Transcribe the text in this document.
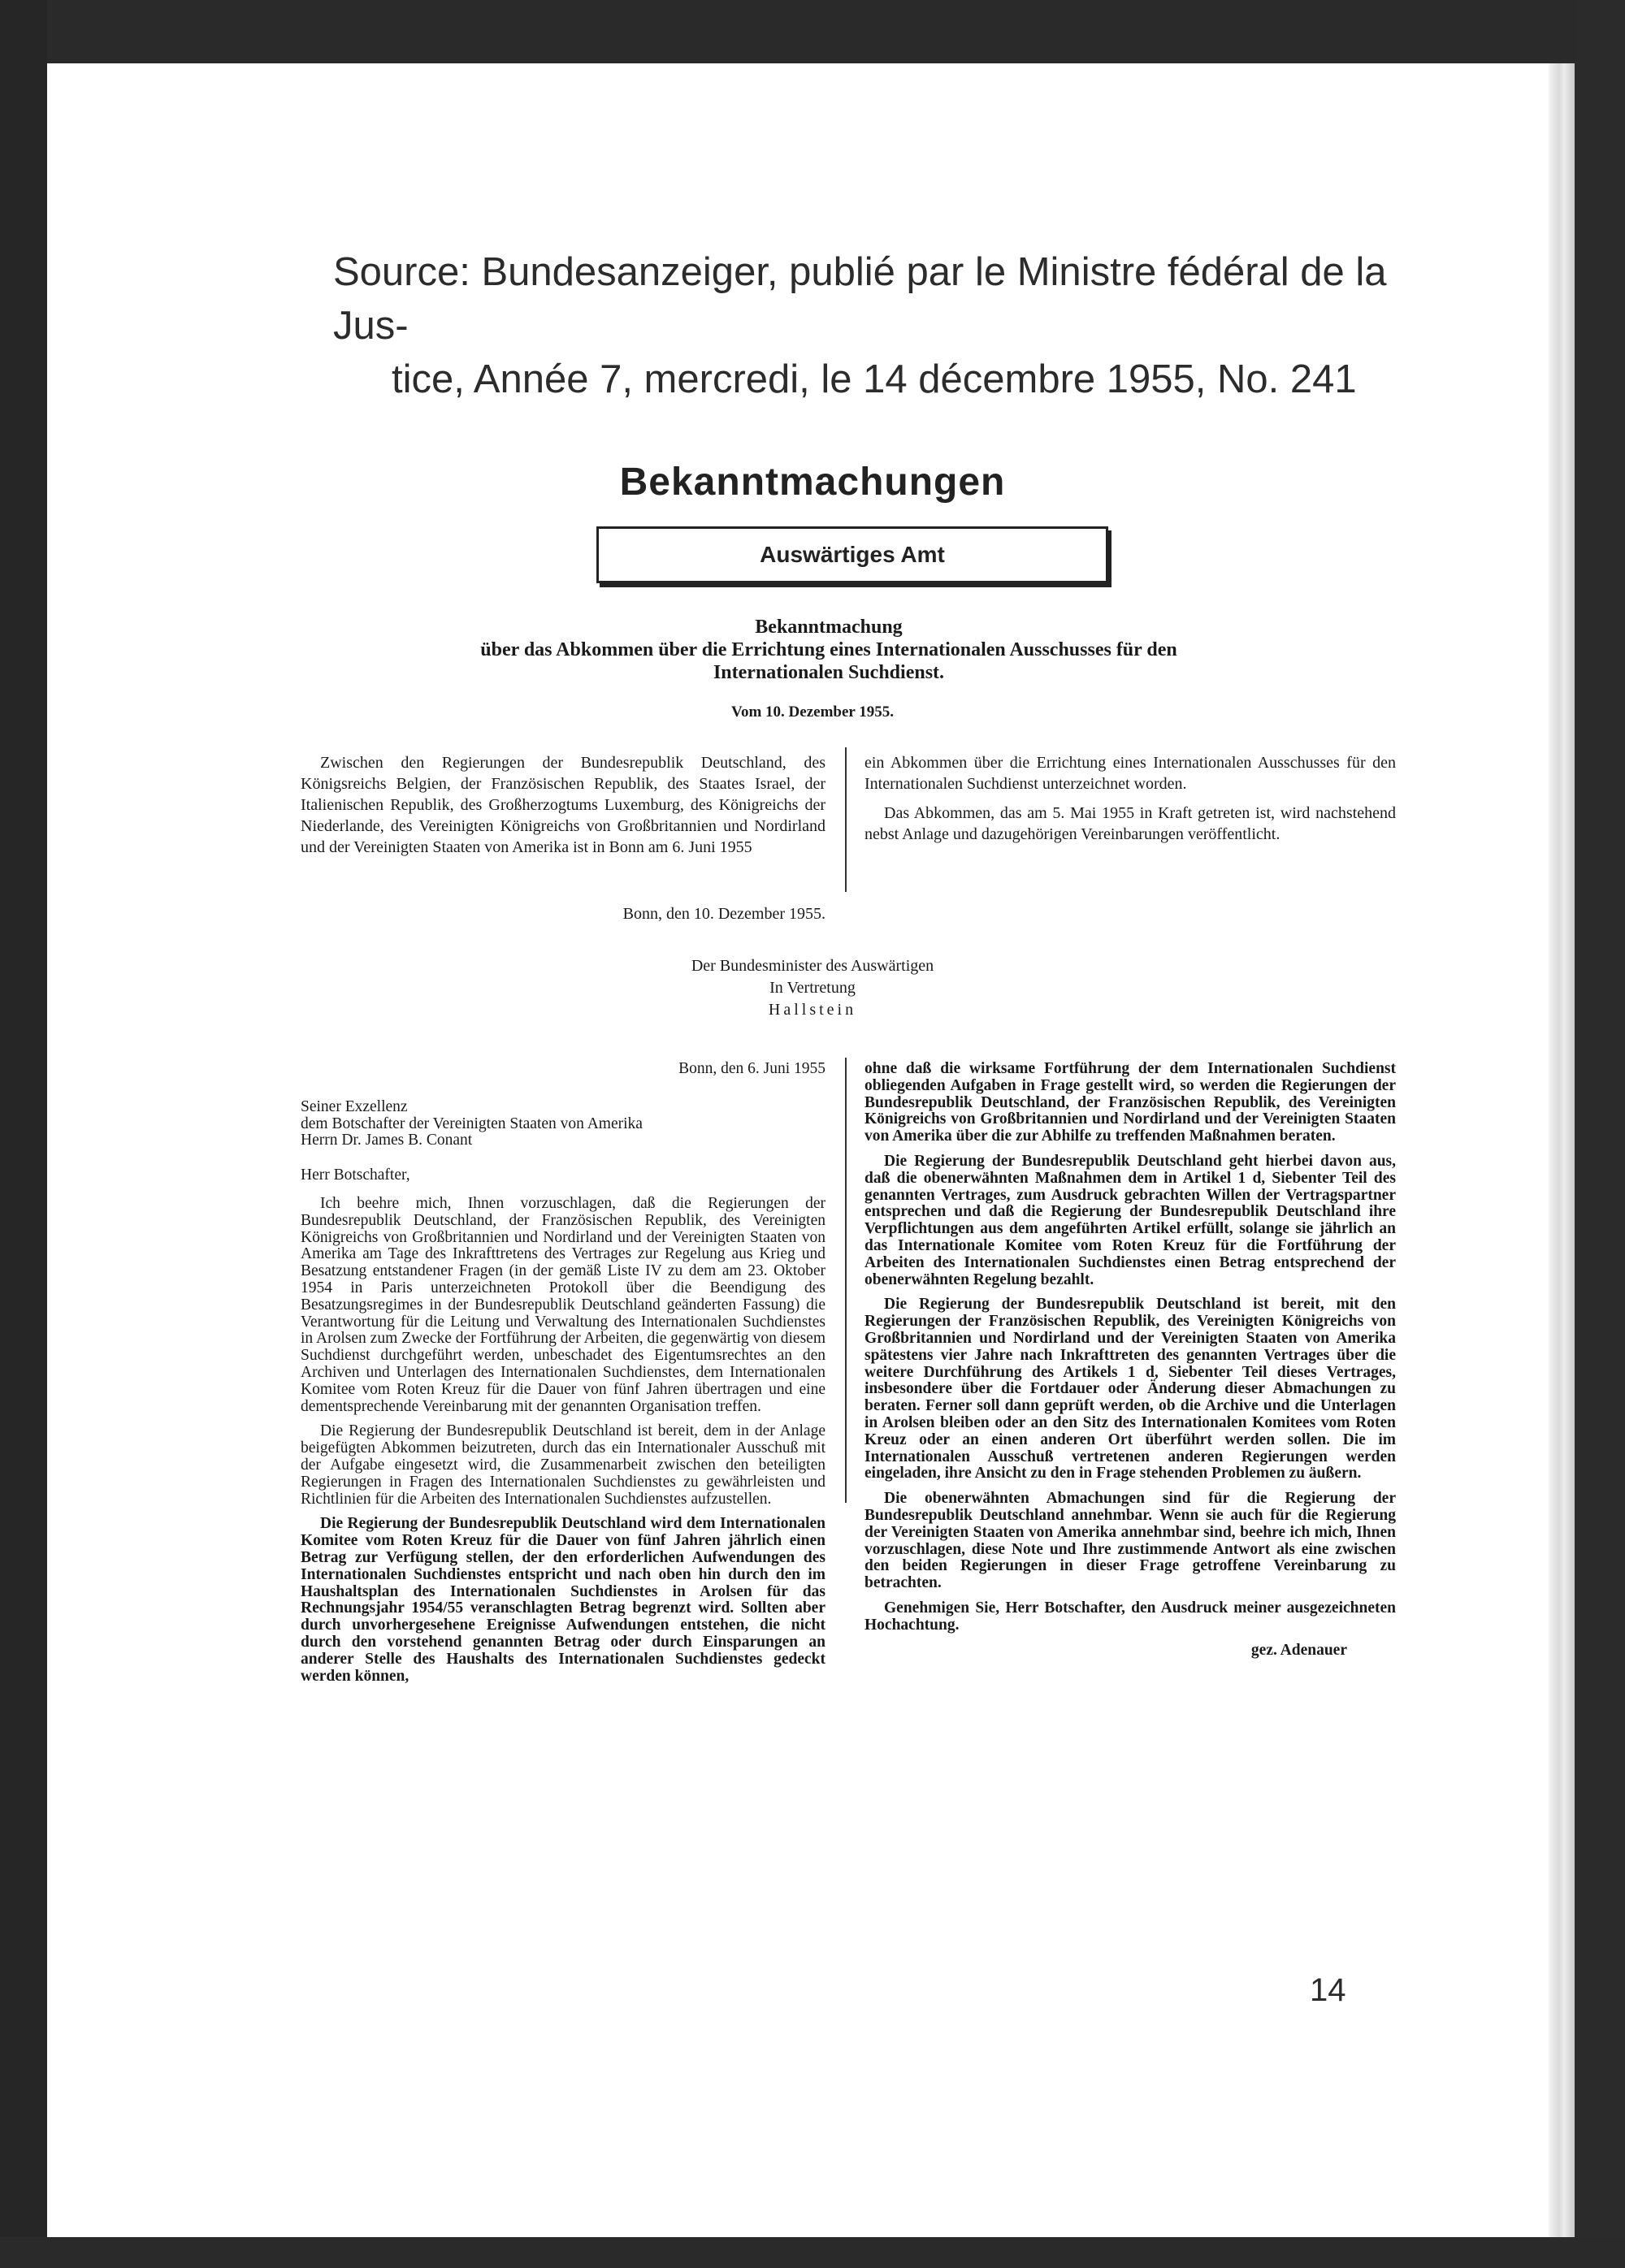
Source: Bundesanzeiger, publié par le Ministre fédéral de la Jus-
tice, Année 7, mercredi, le 14 décembre 1955, No. 241
Bekanntmachungen
Auswärtiges Amt
Bekanntmachung
über das Abkommen über die Errichtung eines Internationalen Ausschusses für den
Internationalen Suchdienst.
Vom 10. Dezember 1955.

Zwischen den Regierungen der Bundesrepublik Deutschland, des Königsreichs Belgien, der Französischen Republik, des Staates Israel, der Italienischen Republik, des Großherzogtums Luxemburg, des Königreichs der Niederlande, des Vereinigten Königreichs von Großbritannien und Nordirland und der Vereinigten Staaten von Amerika ist in Bonn am 6. Juni 1955

ein Abkommen über die Errichtung eines Internationalen Ausschusses für den Internationalen Suchdienst unterzeichnet worden.

Das Abkommen, das am 5. Mai 1955 in Kraft getreten ist, wird nachstehend nebst Anlage und dazugehörigen Vereinbarungen veröffentlicht.

Bonn, den 10. Dezember 1955.
Der Bundesminister des Auswärtigen
In Vertretung
Hallstein

Bonn, den 6. Juni 1955

Seiner Exzellenz

dem Botschafter der Vereinigten Staaten von Amerika

Herrn Dr. James B. Conant

Herr Botschafter,

Ich beehre mich, Ihnen vorzuschlagen, daß die Regierungen der Bundesrepublik Deutschland, der Französischen Republik, des Vereinigten Königreichs von Großbritannien und Nordirland und der Vereinigten Staaten von Amerika am Tage des Inkrafttretens des Vertrages zur Regelung aus Krieg und Besatzung entstandener Fragen (in der gemäß Liste IV zu dem am 23. Oktober 1954 in Paris unterzeichneten Protokoll über die Beendigung des Besatzungsregimes in der Bundesrepublik Deutschland geänderten Fassung) die Verantwortung für die Leitung und Verwaltung des Internationalen Suchdienstes in Arolsen zum Zwecke der Fortführung der Arbeiten, die gegenwärtig von diesem Suchdienst durchgeführt werden, unbeschadet des Eigentumsrechtes an den Archiven und Unterlagen des Internationalen Suchdienstes, dem Internationalen Komitee vom Roten Kreuz für die Dauer von fünf Jahren übertragen und eine dementsprechende Vereinbarung mit der genannten Organisation treffen.

Die Regierung der Bundesrepublik Deutschland ist bereit, dem in der Anlage beigefügten Abkommen beizutreten, durch das ein Internationaler Ausschuß mit der Aufgabe eingesetzt wird, die Zusammenarbeit zwischen den beteiligten Regierungen in Fragen des Internationalen Suchdienstes zu gewährleisten und Richtlinien für die Arbeiten des Internationalen Suchdienstes aufzustellen.

Die Regierung der Bundesrepublik Deutschland wird dem Internationalen Komitee vom Roten Kreuz für die Dauer von fünf Jahren jährlich einen Betrag zur Verfügung stellen, der den erforderlichen Aufwendungen des Internationalen Suchdienstes entspricht und nach oben hin durch den im Haushaltsplan des Internationalen Suchdienstes in Arolsen für das Rechnungsjahr 1954/55 veranschlagten Betrag begrenzt wird. Sollten aber durch unvorhergesehene Ereignisse Aufwendungen entstehen, die nicht durch den vorstehend genannten Betrag oder durch Einsparungen an anderer Stelle des Haushalts des Internationalen Suchdienstes gedeckt werden können,

ohne daß die wirksame Fortführung der dem Internationalen Suchdienst obliegenden Aufgaben in Frage gestellt wird, so werden die Regierungen der Bundesrepublik Deutschland, der Französischen Republik, des Vereinigten Königreichs von Großbritannien und Nordirland und der Vereinigten Staaten von Amerika über die zur Abhilfe zu treffenden Maßnahmen beraten.

Die Regierung der Bundesrepublik Deutschland geht hierbei davon aus, daß die obenerwähnten Maßnahmen dem in Artikel 1 d, Siebenter Teil des genannten Vertrages, zum Ausdruck gebrachten Willen der Vertragspartner entsprechen und daß die Regierung der Bundesrepublik Deutschland ihre Verpflichtungen aus dem angeführten Artikel erfüllt, solange sie jährlich an das Internationale Komitee vom Roten Kreuz für die Fortführung der Arbeiten des Internationalen Suchdienstes einen Betrag entsprechend der obenerwähnten Regelung bezahlt.

Die Regierung der Bundesrepublik Deutschland ist bereit, mit den Regierungen der Französischen Republik, des Vereinigten Königreichs von Großbritannien und Nordirland und der Vereinigten Staaten von Amerika spätestens vier Jahre nach Inkrafttreten des genannten Vertrages über die weitere Durchführung des Artikels 1 d, Siebenter Teil dieses Vertrages, insbesondere über die Fortdauer oder Änderung dieser Abmachungen zu beraten. Ferner soll dann geprüft werden, ob die Archive und die Unterlagen in Arolsen bleiben oder an den Sitz des Internationalen Komitees vom Roten Kreuz oder an einen anderen Ort überführt werden sollen. Die im Internationalen Ausschuß vertretenen anderen Regierungen werden eingeladen, ihre Ansicht zu den in Frage stehenden Problemen zu äußern.

Die obenerwähnten Abmachungen sind für die Regierung der Bundesrepublik Deutschland annehmbar. Wenn sie auch für die Regierung der Vereinigten Staaten von Amerika annehmbar sind, beehre ich mich, Ihnen vorzuschlagen, diese Note und Ihre zustimmende Antwort als eine zwischen den beiden Regierungen in dieser Frage getroffene Vereinbarung zu betrachten.

Genehmigen Sie, Herr Botschafter, den Ausdruck meiner ausgezeichneten Hochachtung.

gez. Adenauer

14
